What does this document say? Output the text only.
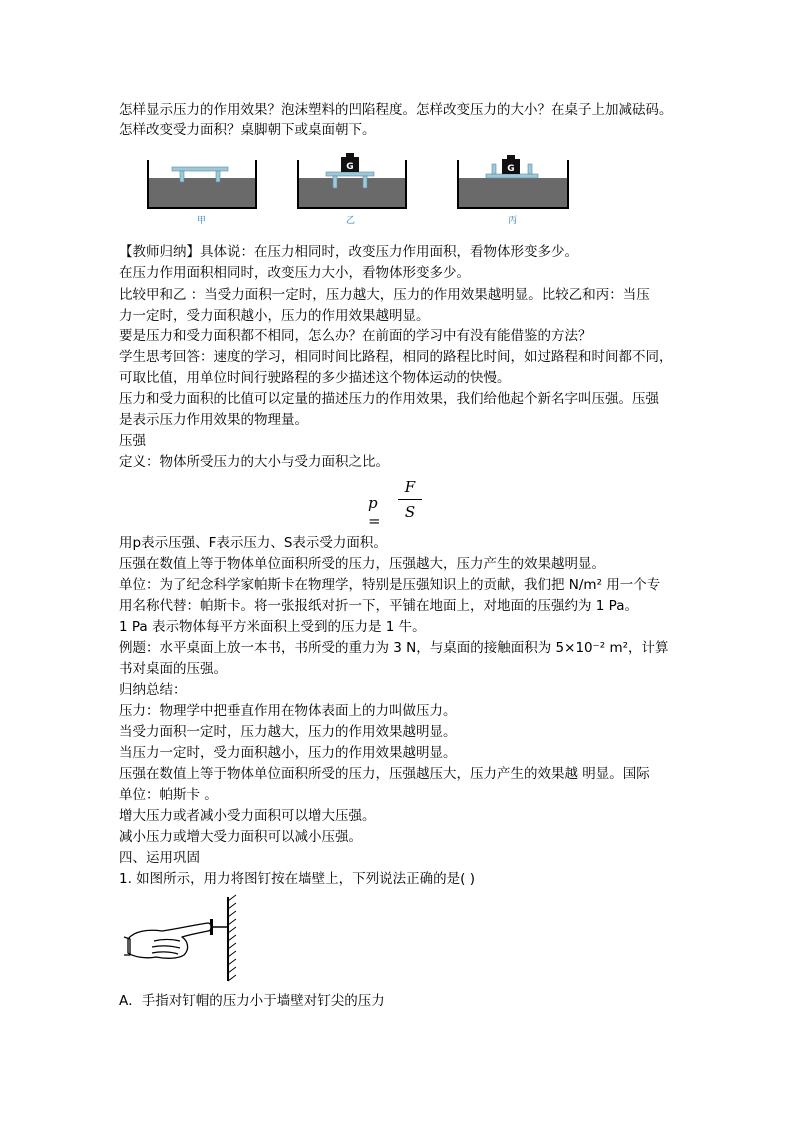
怎样显示压力的作用效果？泡沫塑料的凹陷程度。怎样改变压力的大小？在桌子上加减砝码。
怎样改变受力面积？桌脚朝下或桌面朝下。
甲
G
乙
G
丙
【教师归纳】具体说：在压力相同时，改变压力作用面积，看物体形变多少。
在压力作用面积相同时，改变压力大小，看物体形变多少。
比较甲和乙 ：当受力面积一定时，压力越大，压力的作用效果越明显。比较乙和丙：当压
力一定时，受力面积越小，压力的作用效果越明显。
要是压力和受力面积都不相同，怎么办？在前面的学习中有没有能借鉴的方法？
学生思考回答：速度的学习，相同时间比路程，相同的路程比时间，如过路程和时间都不同，
可取比值，用单位时间行驶路程的多少描述这个物体运动的快慢。
压力和受力面积的比值可以定量的描述压力的作用效果，我们给他起个新名字叫压强。压强
是表示压力作用效果的物理量。
压强
定义：物体所受压力的大小与受力面积之比。
p =
F
S
用p表示压强、F表示压力、S表示受力面积。
压强在数值上等于物体单位面积所受的压力，压强越大，压力产生的效果越明显。
单位：为了纪念科学家帕斯卡在物理学，特别是压强知识上的贡献，我们把 N/m² 用一个专
用名称代替：帕斯卡。将一张报纸对折一下，平铺在地面上，对地面的压强约为 1 Pa。
1 Pa 表示物体每平方米面积上受到的压力是 1 牛。
例题：水平桌面上放一本书，书所受的重力为 3 N，与桌面的接触面积为 5×10⁻² m²，计算
书对桌面的压强。
归纳总结：
压力：物理学中把垂直作用在物体表面上的力叫做压力。
当受力面积一定时，压力越大，压力的作用效果越明显。
当压力一定时，受力面积越小，压力的作用效果越明显。
压强在数值上等于物体单位面积所受的压力，压强越压大，压力产生的效果越 明显。国际
单位：帕斯卡 。
增大压力或者减小受力面积可以增大压强。
减小压力或增大受力面积可以减小压强。
四、运用巩固
1. 如图所示，用力将图钉按在墙壁上，下列说法正确的是( )
A．手指对钉帽的压力小于墙壁对钉尖的压力
